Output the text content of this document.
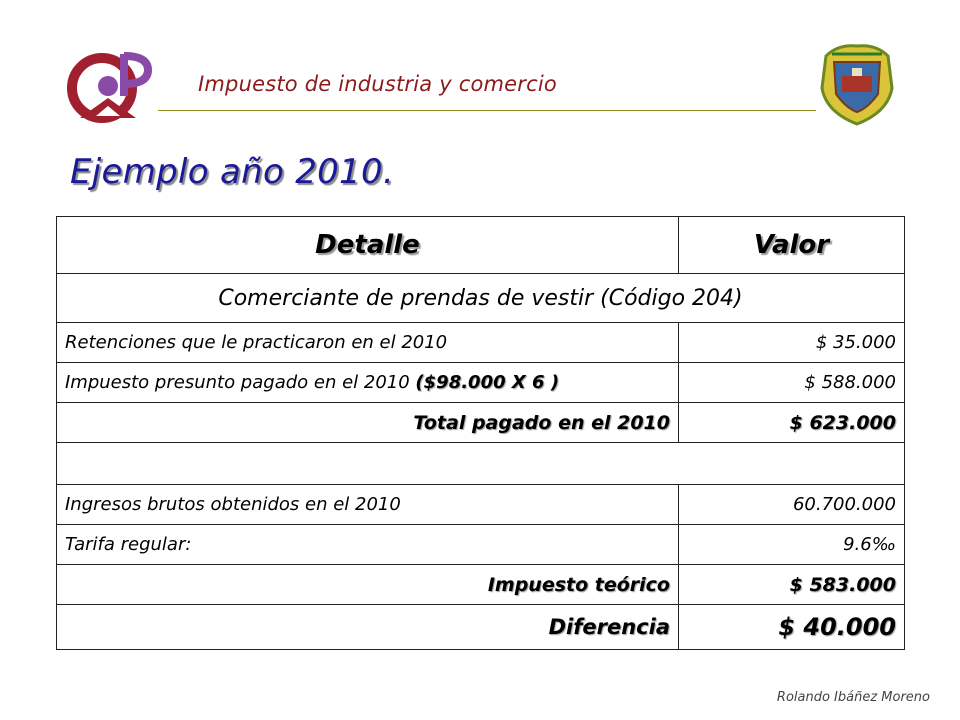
Impuesto de industria y comercio
Ejemplo año 2010.
Detalle	Valor
Comerciante de prendas de vestir (Código 204)	
Retenciones que le practicaron en el 2010	$ 35.000
Impuesto presunto pagado en el 2010 ($98.000 X 6 )	$ 588.000
Total pagado en el 2010	$ 623.000

Ingresos brutos obtenidos en el 2010	60.700.000
Tarifa regular:	9.6‰
Impuesto teórico	$ 583.000
Diferencia	$ 40.000
Rolando Ibáñez Moreno
